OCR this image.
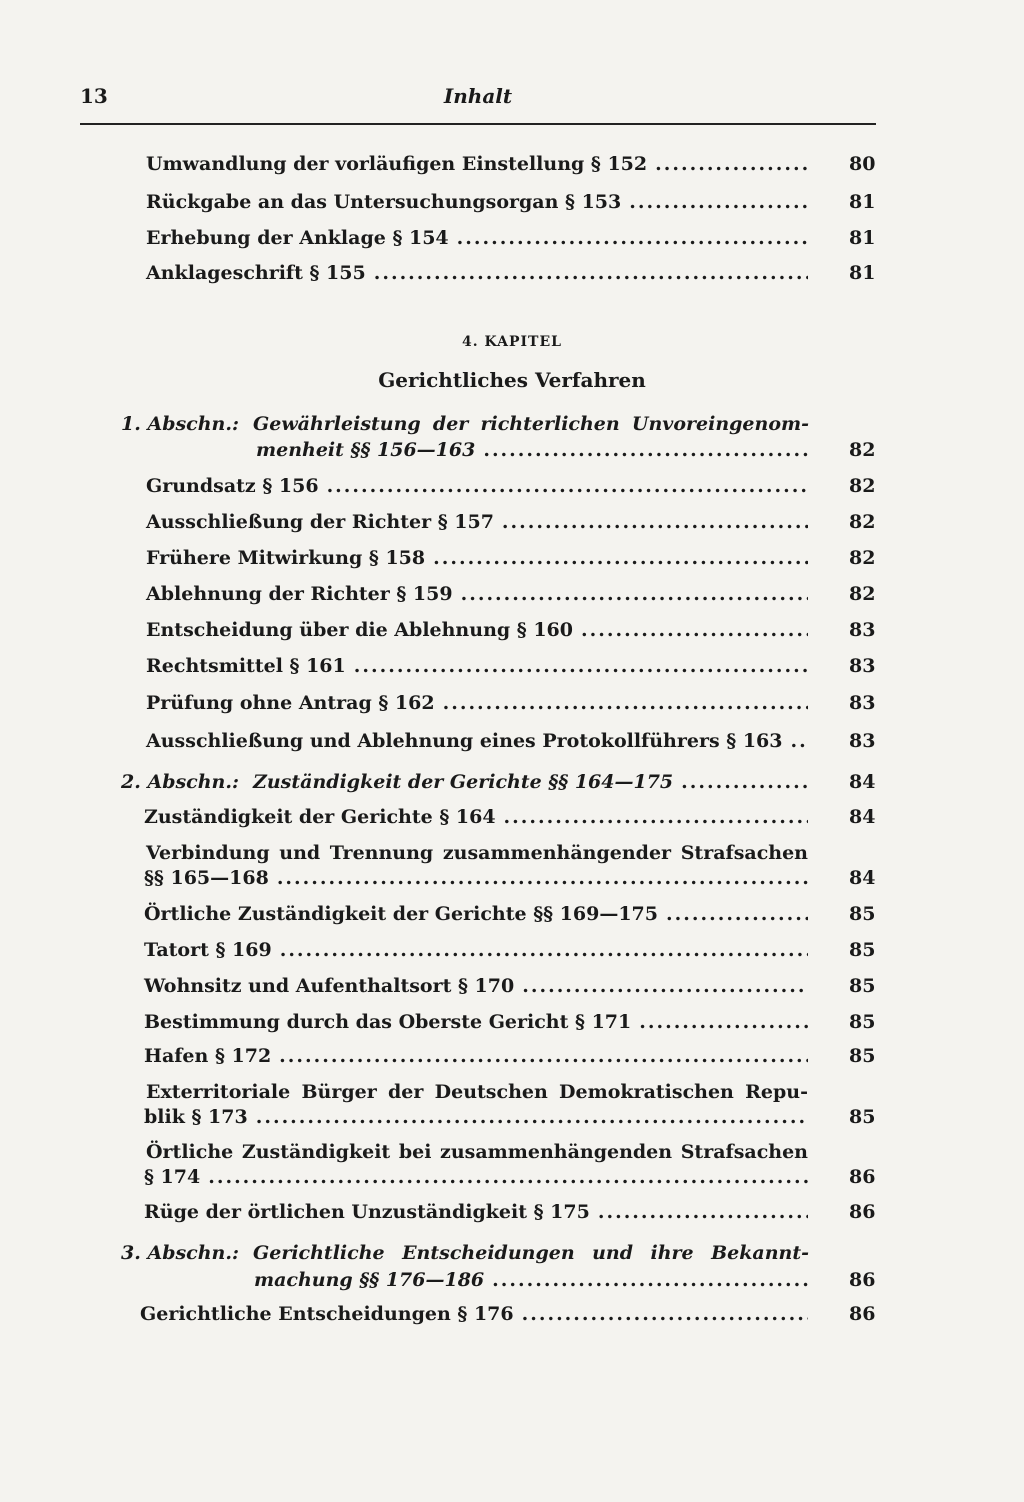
13	Inhalt
Umwandlung der vorläufigen Einstellung § 152 .....	80
Rückgabe an das Untersuchungsorgan § 153 .....	81
Erhebung der Anklage § 154 .....	81
Anklageschrift § 155 .....	81
4. KAPITEL
Gerichtliches Verfahren
1. Abschn.: Gewährleistung der richterlichen Unvoreingenom-
menheit §§ 156—163 .....	82
Grundsatz § 156 .....	82
Ausschließung der Richter § 157 .....	82
Frühere Mitwirkung § 158 .....	82
Ablehnung der Richter § 159 .....	82
Entscheidung über die Ablehnung § 160 .....	83
Rechtsmittel § 161 .....	83
Prüfung ohne Antrag § 162 .....	83
Ausschließung und Ablehnung eines Protokollführers § 163 .....	83
2. Abschn.: Zuständigkeit der Gerichte §§ 164—175 .....	84
Zuständigkeit der Gerichte § 164 .....	84
Verbindung und Trennung zusammenhängender Strafsachen
§§ 165—168 .....	84
Örtliche Zuständigkeit der Gerichte §§ 169—175 .....	85
Tatort § 169 .....	85
Wohnsitz und Aufenthaltsort § 170 .....	85
Bestimmung durch das Oberste Gericht § 171 .....	85
Hafen § 172 .....	85
Exterritoriale Bürger der Deutschen Demokratischen Repu-
blik § 173 .....	85
Örtliche Zuständigkeit bei zusammenhängenden Strafsachen
§ 174 .....	86
Rüge der örtlichen Unzuständigkeit § 175 .....	86
3. Abschn.: Gerichtliche Entscheidungen und ihre Bekannt-
machung §§ 176—186 .....	86
Gerichtliche Entscheidungen § 176 .....	86
